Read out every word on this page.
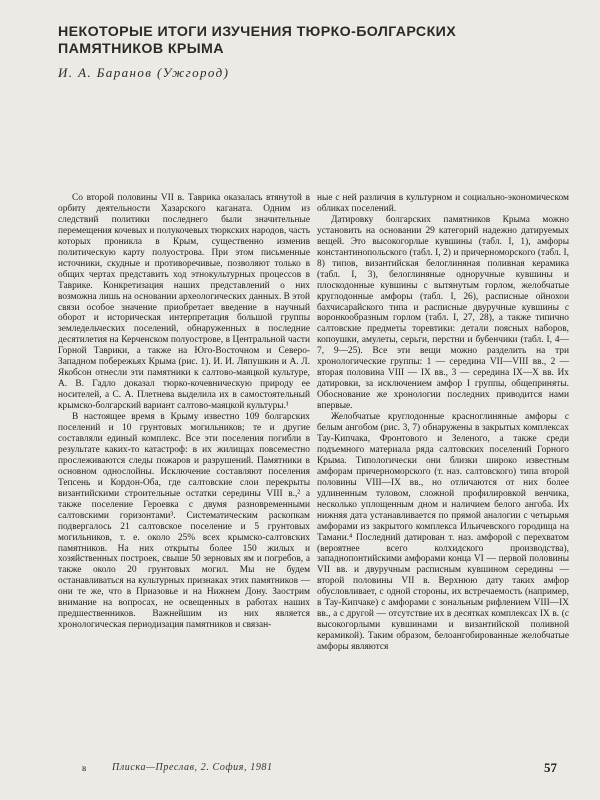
НЕКОТОРЫЕ ИТОГИ ИЗУЧЕНИЯ ТЮРКО-БОЛГАРСКИХ
ПАМЯТНИКОВ КРЫМА
И. А. Баранов (Ужгород)

Со второй половины VII в. Таврика оказалась втянутой в орбиту деятельности Хазарского каганата. Одним из следствий политики последнего были значительные перемещения кочевых и полукочевых тюркских народов, часть которых проникла в Крым, существенно изменив политическую карту полуострова. При этом письменные источники, скудные и противоречивые, позволяют только в общих чертах представить ход этнокультурных процессов в Таврике. Конкретизация наших представлений о них возможна лишь на основании археологических данных. В этой связи особое значение приобретает введение в научный оборот и историческая интерпретация большой группы земледельческих поселений, обнаруженных в последние десятилетия на Керченском полуострове, в Центральной части Горной Таврики, а также на Юго-Восточном и Северо-Западном побережьях Крыма (рис. 1). И. И. Ляпушкин и А. Л. Якобсон отнесли эти памятники к салтово-маяцкой культуре, А. В. Гадло доказал тюрко-кочевническую природу ее носителей, а С. А. Плетнева выделила их в самостоятельный крымско-болгарский вариант салтово-маяцкой культуры.¹

В настоящее время в Крыму известно 109 болгарских поселений и 10 грунтовых могильников; те и другие составляли единый комплекс. Все эти поселения погибли в результате каких-то катастроф: в их жилищах повсеместно прослеживаются следы пожаров и разрушений. Памятники в основном однослойны. Исключение составляют поселения Тепсень и Кордон-Оба, где салтовские слои перекрыты византийскими строительные остатки середины VIII в.,² а также поселение Героевка с двумя разновременными салтовскими горизонтами³. Систематическим раскопкам подвергалось 21 салтовское поселение и 5 грунтовых могильников, т. е. около 25% всех крымско-салтовских памятников. На них открыты более 150 жилых и хозяйственных построек, свыше 50 зерновых ям и погребов, а также около 20 грунтовых могил. Мы не будем останавливаться на культурных признаках этих памятников — они те же, что в Приазовье и на Нижнем Дону. Заострим внимание на вопросах, не освещенных в работах наших предшественников. Важнейшим из них является хронологическая периодизация памятников и связан-

ные с ней различия в культурном и социально-экономическом обликах поселений.

Датировку болгарских памятников Крыма можно установить на основании 29 категорий надежно датируемых вещей. Это высокогорлые кувшины (табл. I, 1), амфоры константинопольского (табл. I, 2) и причерноморского (табл. I, 8) типов, византийская белоглиняная поливная керамика (табл. I, 3), белоглиняные одноручные кувшины и плоскодонные кувшины с вытянутым горлом, желобчатые круглодонные амфоры (табл. I, 26), расписные ойнохои бахчисарайского типа и расписные двуручные кувшины с воронкообразным горлом (табл. I, 27, 28), а также типично салтовские предметы торевтики: детали поясных наборов, копоушки, амулеты, серьги, перстни и бубенчики (табл. I, 4—7, 9—25). Все эти вещи можно разделить на три хронологические группы: 1 — середина VII—VIII вв., 2 — вторая половина VIII — IX вв., 3 — середина IX—X вв. Их датировки, за исключением амфор I группы, общеприняты. Обоснование же хронологии последних приводится нами впервые.

Желобчатые круглодонные красноглиняные амфоры с белым ангобом (рис. 3, 7) обнаружены в закрытых комплексах Тау-Кипчака, Фронтового и Зеленого, а также среди подъемного материала ряда салтовских поселений Горного Крыма. Типологически они близки широко известным амфорам причерноморского (т. наз. салтовского) типа второй половины VIII—IX вв., но отличаются от них более удлиненным туловом, сложной профилировкой венчика, несколько уплощенным дном и наличием белого ангоба. Их нижняя дата устанавливается по прямой аналогии с четырьмя амфорами из закрытого комплекса Ильичевского городища на Тамани.⁴ Последний датирован т. наз. амфорой с перехватом (вероятнее всего колхидского производства), западнопонтийскими амфорами конца VI — первой половины VII вв. и двуручным расписным кувшином середины — второй половины VII в. Верхнюю дату таких амфор обусловливает, с одной стороны, их встречаемость (например, в Тау-Кипчаке) с амфорами с зональным рифлением VIII—IX вв., а с другой — отсутствие их в десятках комплексах IX в. (с высокогорлыми кувшинами и византийской поливной керамикой). Таким образом, белоангобированные желобчатые амфоры являются

в	Плиска—Преслав, 2. София, 1981	57
